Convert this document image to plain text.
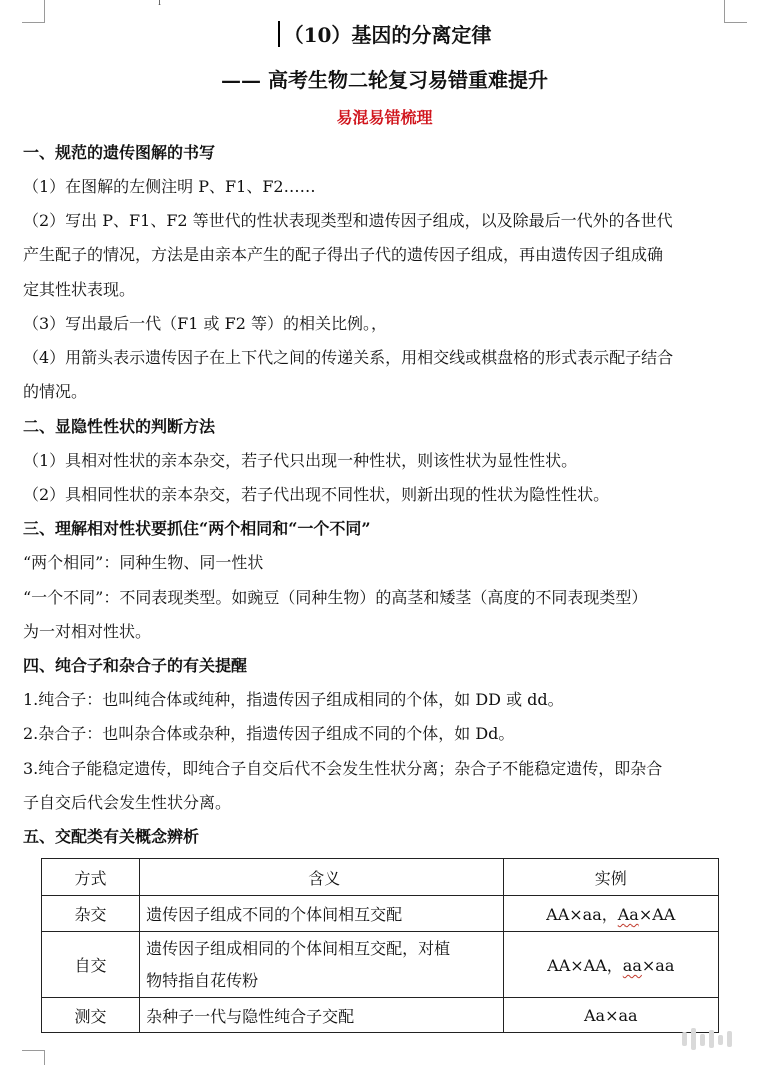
I
（10）基因的分离定律
—— 高考生物二轮复习易错重难提升
易混易错梳理
一、规范的遗传图解的书写
（1）在图解的左侧注明 P、F1、F2……
（2）写出 P、F1、F2 等世代的性状表现类型和遗传因子组成，以及除最后一代外的各世代
产生配子的情况，方法是由亲本产生的配子得出子代的遗传因子组成，再由遗传因子组成确
定其性状表现。
（3）写出最后一代（F1 或 F2 等）的相关比例。，
（4）用箭头表示遗传因子在上下代之间的传递关系，用相交线或棋盘格的形式表示配子结合
的情况。
二、显隐性性状的判断方法
（1）具相对性状的亲本杂交，若子代只出现一种性状，则该性状为显性性状。
（2）具相同性状的亲本杂交，若子代出现不同性状，则新出现的性状为隐性性状。
三、理解相对性状要抓住“两个相同和“一个不同”
“两个相同”：同种生物、同一性状
“一个不同”：不同表现类型。如豌豆（同种生物）的高茎和矮茎（高度的不同表现类型）
为一对相对性状。
四、纯合子和杂合子的有关提醒
1.纯合子：也叫纯合体或纯种，指遗传因子组成相同的个体，如 DD 或 dd。
2.杂合子：也叫杂合体或杂种，指遗传因子组成不同的个体，如 Dd。
3.纯合子能稳定遗传，即纯合子自交后代不会发生性状分离；杂合子不能稳定遗传，即杂合
子自交后代会发生性状分离。
五、交配类有关概念辨析
方式	含义	实例
杂交	遗传因子组成不同的个体间相互交配	AA×aa，Aa×AA
自交	遗传因子组成相同的个体间相互交配，对植
物特指自花传粉	AA×AA，aa×aa
测交	杂种子一代与隐性纯合子交配	Aa×aa
